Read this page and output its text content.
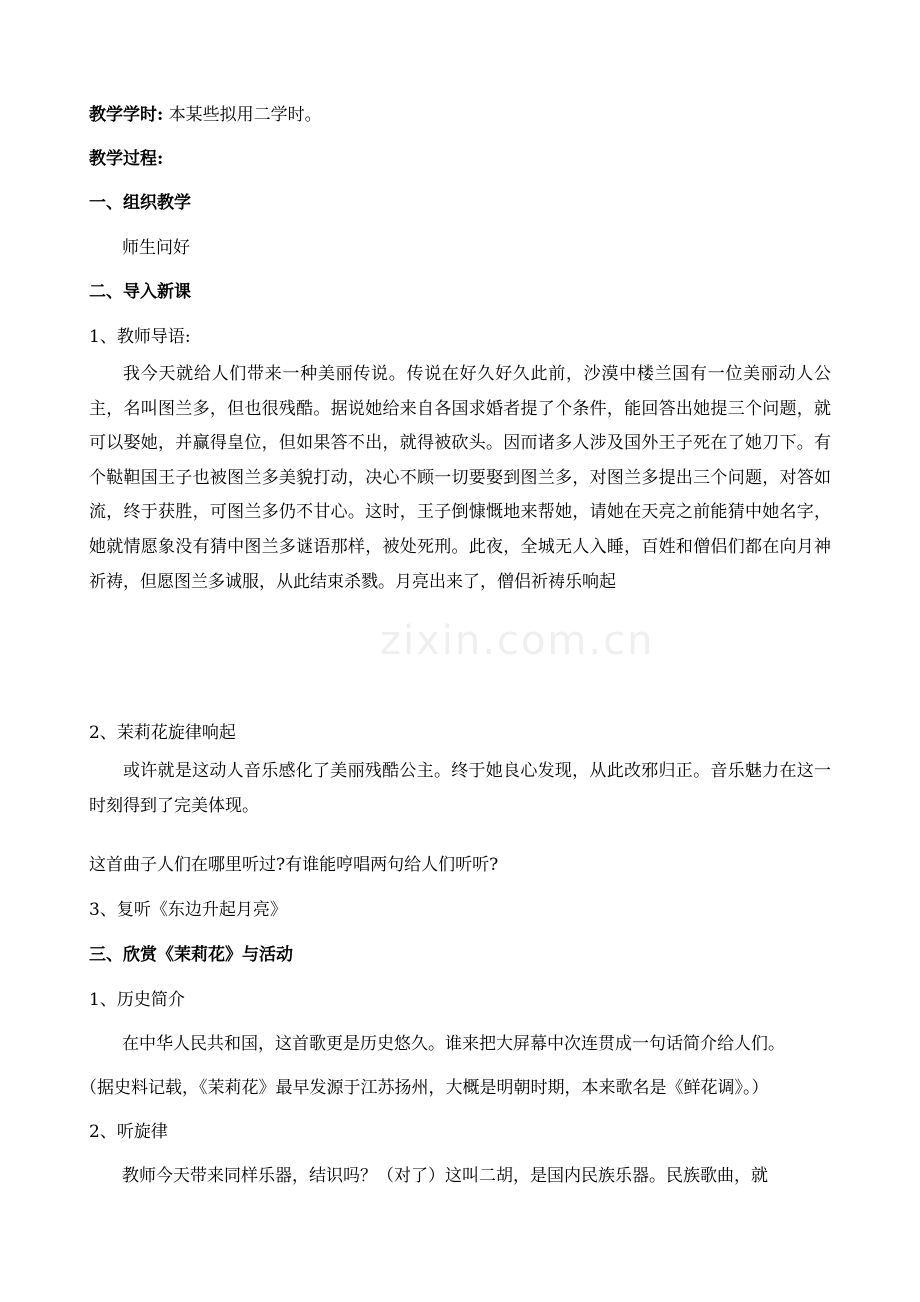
教学学时: 本某些拟用二学时。
教学过程:
一、组织教学
师生问好
二、导入新课
1、教师导语:
我今天就给人们带来一种美丽传说。传说在好久好久此前，沙漠中楼兰国有一位美丽动人公主，名叫图兰多，但也很残酷。据说她给来自各国求婚者提了个条件，能回答出她提三个问题，就可以娶她，并赢得皇位，但如果答不出，就得被砍头。因而诸多人涉及国外王子死在了她刀下。有个鞑靼国王子也被图兰多美貌打动，决心不顾一切要娶到图兰多，对图兰多提出三个问题，对答如流，终于获胜，可图兰多仍不甘心。这时，王子倒慷慨地来帮她，请她在天亮之前能猜中她名字，她就情愿象没有猜中图兰多谜语那样，被处死刑。此夜，全城无人入睡，百姓和僧侣们都在向月神祈祷，但愿图兰多诚服，从此结束杀戮。月亮出来了，僧侣祈祷乐响起
2、茉莉花旋律响起
或许就是这动人音乐感化了美丽残酷公主。终于她良心发现，从此改邪归正。音乐魅力在这一时刻得到了完美体现。
这首曲子人们在哪里听过?有谁能哼唱两句给人们听听?
3、复听《东边升起月亮》
三、欣赏《茉莉花》与活动
1、历史简介
在中华人民共和国，这首歌更是历史悠久。谁来把大屏幕中次连贯成一句话简介给人们。
（据史料记载，《茉莉花》最早发源于江苏扬州，大概是明朝时期，本来歌名是《鲜花调》。）
2、听旋律
教师今天带来同样乐器，结识吗？（对了）这叫二胡，是国内民族乐器。民族歌曲，就
zixin.com.cn
